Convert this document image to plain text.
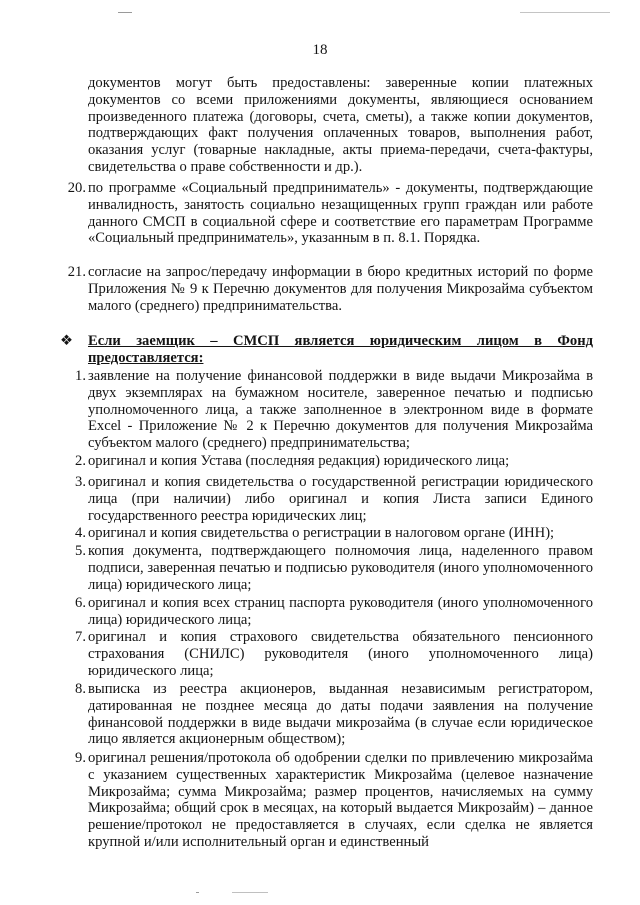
18
документов могут быть предоставлены: заверенные копии платежных документов со всеми приложениями документы, являющиеся основанием произведенного платежа (договоры, счета, сметы), а также копии документов, подтверждающих факт получения оплаченных товаров, выполнения работ, оказания услуг (товарные накладные, акты приема-передачи, счета-фактуры, свидетельства о праве собственности и др.).
20. по программе «Социальный предприниматель» - документы, подтверждающие инвалидность, занятость социально незащищенных групп граждан или работе данного СМСП в социальной сфере и соответствие его параметрам Программе «Социальный предприниматель», указанным в п. 8.1. Порядка.
21. согласие на запрос/передачу информации в бюро кредитных историй по форме Приложения № 9 к Перечню документов для получения Микрозайма субъектом малого (среднего) предпринимательства.
❖ Если заемщик – СМСП является юридическим лицом в Фонд предоставляется:
1. заявление на получение финансовой поддержки в виде выдачи Микрозайма в двух экземплярах на бумажном носителе, заверенное печатью и подписью уполномоченного лица, а также заполненное в электронном виде в формате Excel - Приложение № 2 к Перечню документов для получения Микрозайма субъектом малого (среднего) предпринимательства;
2. оригинал и копия Устава (последняя редакция) юридического лица;
3. оригинал и копия свидетельства о государственной регистрации юридического лица (при наличии) либо оригинал и копия Листа записи Единого государственного реестра юридических лиц;
4. оригинал и копия свидетельства о регистрации в налоговом органе (ИНН);
5. копия документа, подтверждающего полномочия лица, наделенного правом подписи, заверенная печатью и подписью руководителя (иного уполномоченного лица) юридического лица;
6. оригинал и копия всех страниц паспорта руководителя (иного уполномоченного лица) юридического лица;
7. оригинал и копия страхового свидетельства обязательного пенсионного страхования (СНИЛС) руководителя (иного уполномоченного лица) юридического лица;
8. выписка из реестра акционеров, выданная независимым регистратором, датированная не позднее месяца до даты подачи заявления на получение финансовой поддержки в виде выдачи микрозайма (в случае если юридическое лицо является акционерным обществом);
9. оригинал решения/протокола об одобрении сделки по привлечению микрозайма с указанием существенных характеристик Микрозайма (целевое назначение Микрозайма; сумма Микрозайма; размер процентов, начисляемых на сумму Микрозайма; общий срок в месяцах, на который выдается Микрозайм) – данное решение/протокол не предоставляется в случаях, если сделка не является крупной и/или исполнительный орган и единственный
